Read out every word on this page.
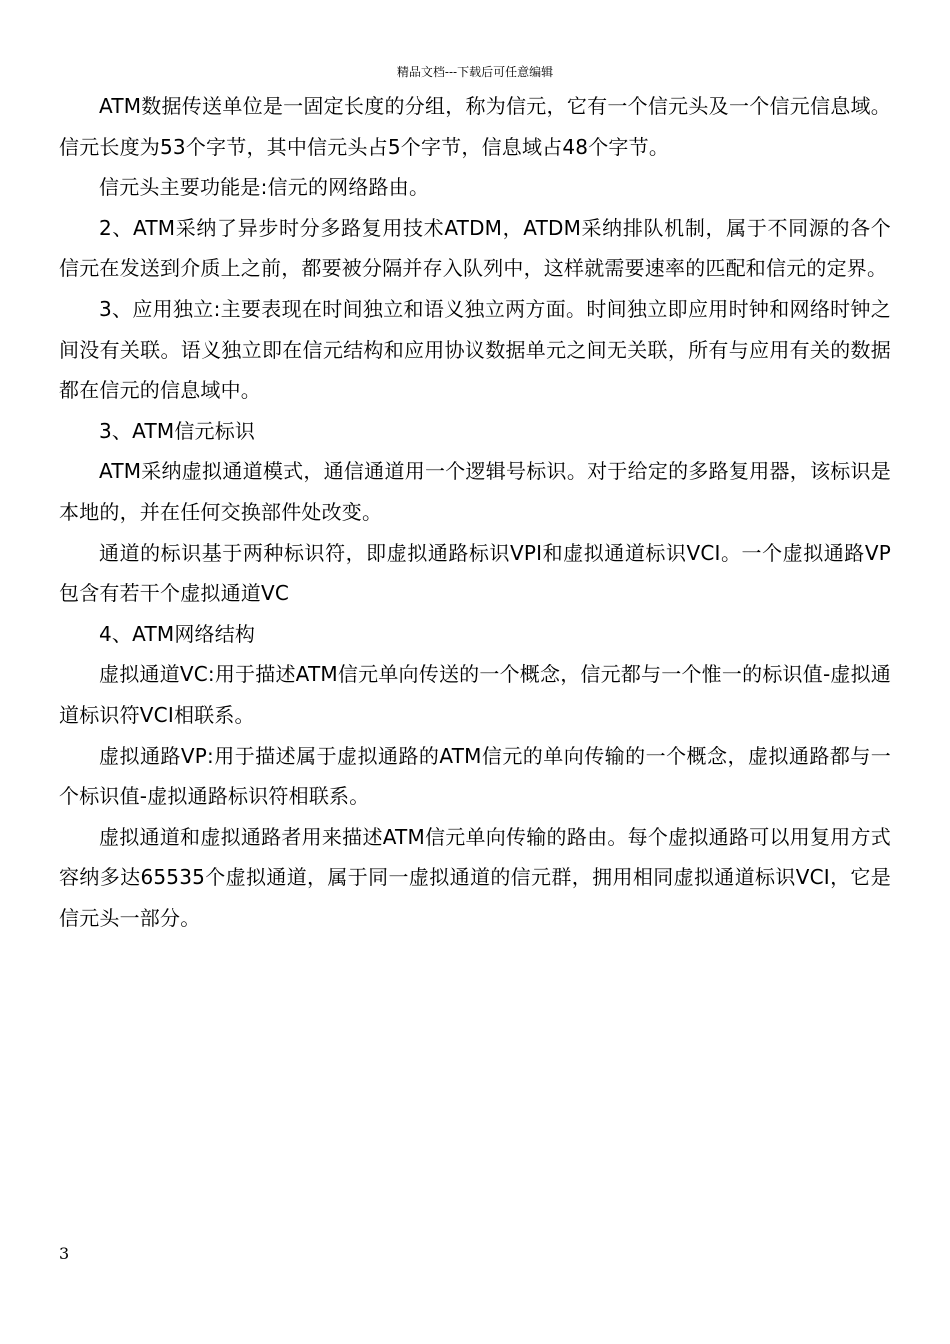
精品文档---下载后可任意编辑

ATM数据传送单位是一固定长度的分组，称为信元，它有一个信元头及一个信元信息域。信元长度为53个字节，其中信元头占5个字节，信息域占48个字节。

信元头主要功能是:信元的网络路由。

2、ATM采纳了异步时分多路复用技术ATDM，ATDM采纳排队机制，属于不同源的各个信元在发送到介质上之前，都要被分隔并存入队列中，这样就需要速率的匹配和信元的定界。

3、应用独立:主要表现在时间独立和语义独立两方面。时间独立即应用时钟和网络时钟之间没有关联。语义独立即在信元结构和应用协议数据单元之间无关联，所有与应用有关的数据都在信元的信息域中。

3、ATM信元标识

ATM采纳虚拟通道模式，通信通道用一个逻辑号标识。对于给定的多路复用器，该标识是本地的，并在任何交换部件处改变。

通道的标识基于两种标识符，即虚拟通路标识VPI和虚拟通道标识VCI。一个虚拟通路VP包含有若干个虚拟通道VC

4、ATM网络结构

虚拟通道VC:用于描述ATM信元单向传送的一个概念，信元都与一个惟一的标识值-虚拟通道标识符VCI相联系。

虚拟通路VP:用于描述属于虚拟通路的ATM信元的单向传输的一个概念，虚拟通路都与一个标识值-虚拟通路标识符相联系。

虚拟通道和虚拟通路者用来描述ATM信元单向传输的路由。每个虚拟通路可以用复用方式容纳多达65535个虚拟通道，属于同一虚拟通道的信元群，拥用相同虚拟通道标识VCI，它是信元头一部分。

3
